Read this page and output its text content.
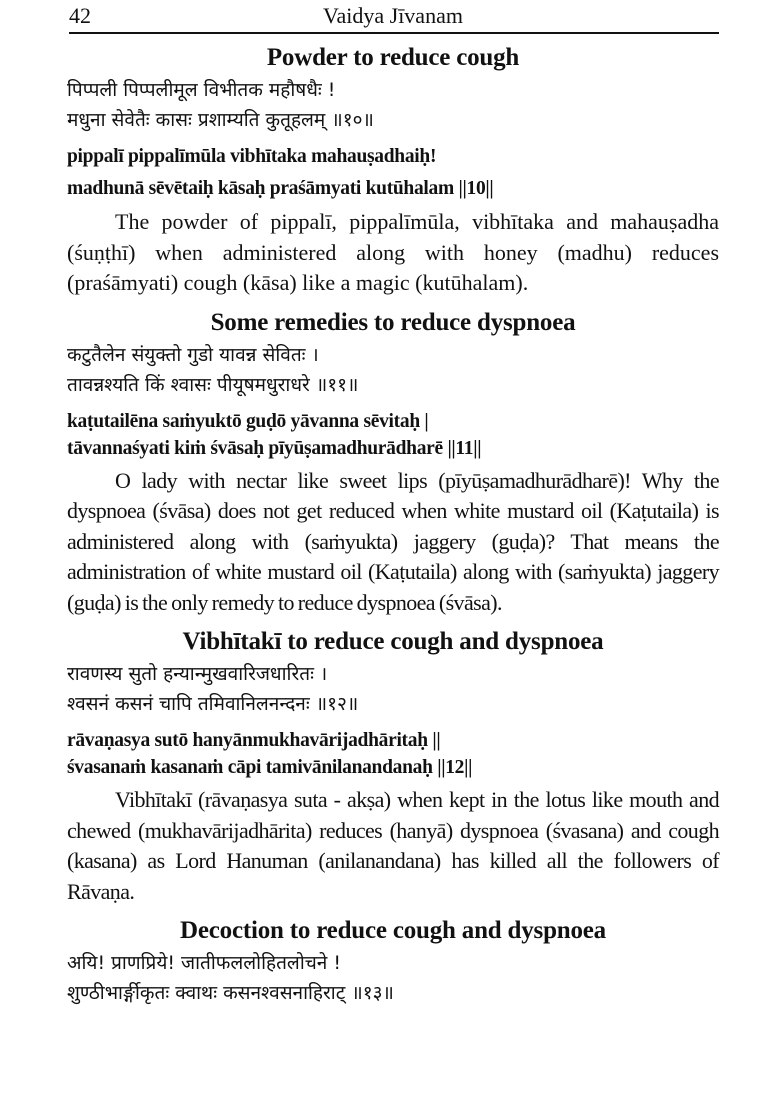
42	Vaidya Jīvanam
Powder to reduce cough
पिप्पली पिप्पलीमूल विभीतक महौषधैः !
मधुना सेवेतैः कासः प्रशाम्यति कुतूहलम् ॥१०॥
pippalī pippalīmūla vibhītaka mahauṣadhaiḥ!
madhunā sēvētaiḥ kāsaḥ praśāmyati kutūhalam ||10||

The powder of pippalī, pippalīmūla, vibhītaka and mahauṣadha (śuṇṭhī) when administered along with honey (madhu) reduces (praśāmyati) cough (kāsa) like a magic (kutūhalam).

Some remedies to reduce dyspnoea
कटुतैलेन संयुक्तो गुडो यावन्न सेवितः ।
तावन्नश्यति किं श्वासः पीयूषमधुराधरे ॥११॥
kaṭutailēna saṁyuktō guḍō yāvanna sēvitaḥ |
tāvannaśyati kiṁ śvāsaḥ pīyūṣamadhurādharē ||11||

O lady with nectar like sweet lips (pīyūṣamadhurādharē)! Why the dyspnoea (śvāsa) does not get reduced when white mustard oil (Kaṭutaila) is administered along with (saṁyukta) jaggery (guḍa)? That means the administration of white mustard oil (Kaṭutaila) along with (saṁyukta) jaggery (guḍa) is the only remedy to reduce dyspnoea (śvāsa).

Vibhītakī to reduce cough and dyspnoea
रावणस्य सुतो हन्यान्मुखवारिजधारितः ।
श्वसनं कसनं चापि तमिवानिलनन्दनः ॥१२॥
rāvaṇasya sutō hanyānmukhavārijadhāritaḥ ||
śvasanaṁ kasanaṁ cāpi tamivānilanandanaḥ ||12||

Vibhītakī (rāvaṇasya suta - akṣa) when kept in the lotus like mouth and chewed (mukhavārijadhārita) reduces (hanyā) dyspnoea (śvasana) and cough (kasana) as Lord Hanuman (anilanandana) has killed all the followers of Rāvaṇa.

Decoction to reduce cough and dyspnoea
अयि! प्राणप्रिये! जातीफललोहितलोचने !
शुण्ठीभार्ङ्गीकृतः क्वाथः कसनश्वसनाहिराट् ॥१३॥
